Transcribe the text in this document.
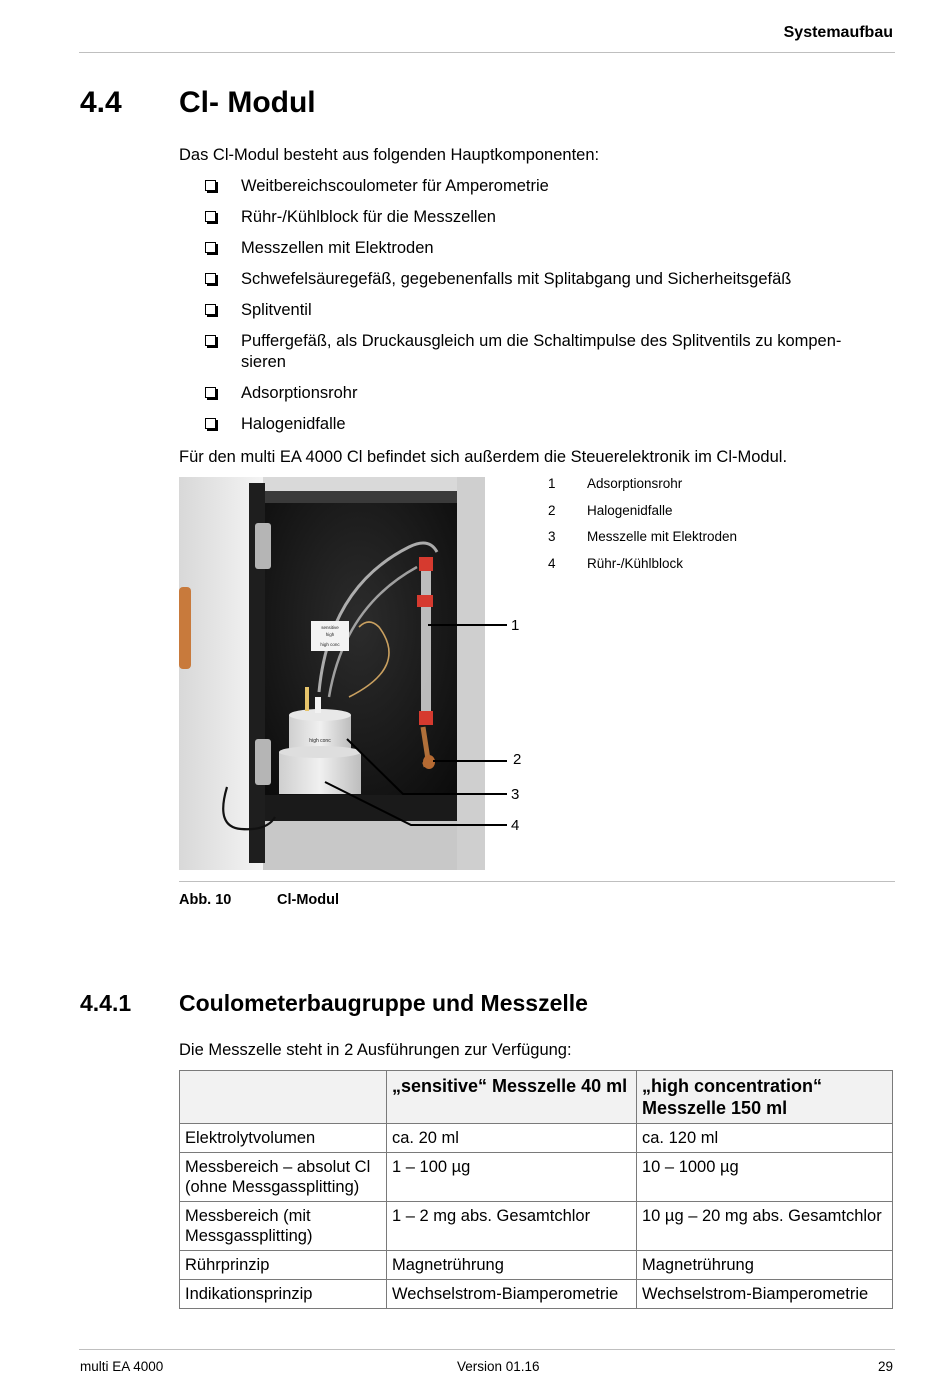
Systemaufbau
4.4 Cl- Modul
Das Cl-Modul besteht aus folgenden Hauptkomponenten:
Weitbereichscoulometer für Amperometrie
Rühr-/Kühlblock für die Messzellen
Messzellen mit Elektroden
Schwefelsäuregefäß, gegebenenfalls mit Splitabgang und Sicherheitsgefäß
Splitventil
Puffergefäß, als Druckausgleich um die Schaltimpulse des Splitventils zu kompen-sieren
Adsorptionsrohr
Halogenidfalle
Für den multi EA 4000 Cl befindet sich außerdem die Steuerelektronik im Cl-Modul.
sensitive
high
high conc
high conc
1
2
3
4
1 Adsorptionsrohr
2 Halogenidfalle
3 Messzelle mit Elektroden
4 Rühr-/Kühlblock
Abb. 10	Cl-Modul
4.4.1 Coulometerbaugruppe und Messzelle
Die Messzelle steht in 2 Ausführungen zur Verfügung:
	„sensitive“ Messzelle 40 ml	„high concentration“ Messzelle 150 ml
Elektrolytvolumen	ca. 20 ml	ca. 120 ml
Messbereich – absolut Cl (ohne Messgassplitting)	1 – 100 µg	10 – 1000 µg
Messbereich (mit Messgassplitting)	1 – 2 mg abs. Gesamtchlor	10 µg – 20 mg abs. Gesamtchlor
Rührprinzip	Magnetrührung	Magnetrührung
Indikationsprinzip	Wechselstrom-Biamperometrie	Wechselstrom-Biamperometrie
multi EA 4000	Version 01.16	29
